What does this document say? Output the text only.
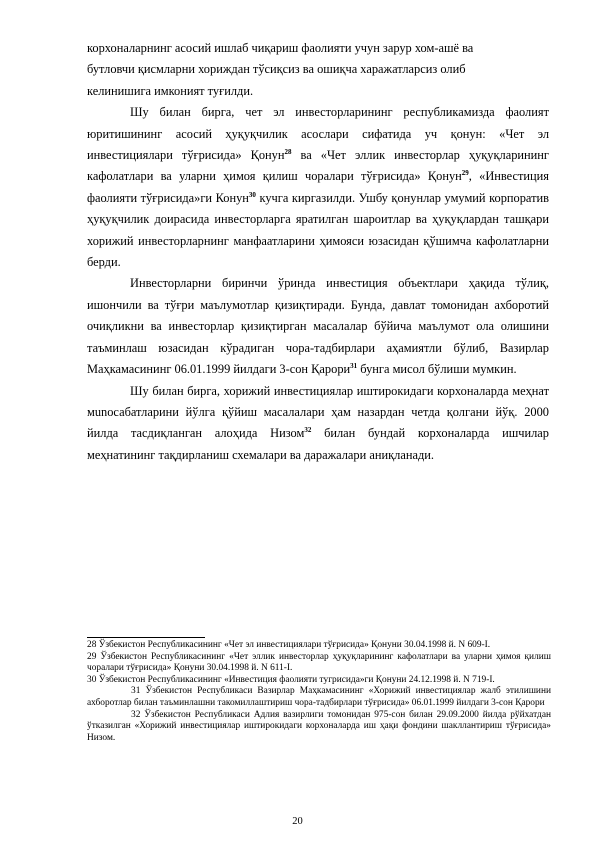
корхоналарнинг асосий ишлаб чиқариш фаолияти учун зарур хом-ашё ва
бутловчи қисмларни хориждан тўсиқсиз ва ошиқча харажатларсиз олиб
келинишига имконият туғилди.

Шу билан бирга, чет эл инвесторларининг республикамизда фаолият юритишининг асосий ҳуқуқчилик асослари сифатида уч қонун: «Чет эл инвестициялари тўғрисида» Қонун$^{28}$ ва «Чет эллик инвесторлар ҳуқуқларининг кафолатлари ва уларни ҳимоя қилиш чоралари тўғрисида» Қонун$^{29}$, «Инвестиция фаолияти тўғрисида»ги Конун$^{30}$ кучга киргазилди. Ушбу қонунлар умумий корпоратив ҳуқуқчилик доирасида инвесторларга яратилган шароитлар ва ҳуқуқлардан ташқари хорижий инвесторларнинг манфаатларини ҳимояси юзасидан қўшимча кафолатларни берди.

Инвесторларни биринчи ўринда инвестиция объектлари ҳақида тўлиқ, ишончили ва тўғри маълумотлар қизиқтиради. Бунда, давлат томонидан ахборотий очиқликни ва инвесторлар қизиқтирган масалалар бўйича маълумот ола олишини таъминлаш юзасидан кўрадиган чора-тадбирлари аҳамиятли бўлиб, Вазирлар Маҳкамасининг 06.01.1999 йилдаги 3-сон Қарори$^{31}$ бунга мисол бўлиши мумкин.

Шу билан бирга, хорижий инвестициялар иштирокидаги корхоналарда меҳнат мunoсабатларини йўлга қўйиш масалалари ҳам назардан четда қолгани йўқ. 2000 йилда тасдиқланган алоҳида Низом$^{32}$ билан бундай корхоналарда ишчилар меҳнатининг тақдирланиш схемалари ва даражалари аниқланади.

28 Ўзбекистон Республикасининг «Чет эл инвестициялари тўғрисида» Қонуни 30.04.1998 й. N 609-I.

29 Ўзбекистон Республикасининг «Чет эллик инвесторлар ҳуқуқларининг кафолатлари ва уларни ҳимоя қилиш чоралари тўғрисида» Қонуни 30.04.1998 й. N 611-I.

30 Ўзбекистон Республикасининг «Инвестиция фаолияти тугрисида»ги Қонуни 24.12.1998 й. N 719-I.

31 Ўзбекистон Республикаси Вазирлар Маҳкамасининг «Хорижий инвестициялар жалб этилишини ахборотлар билан таъминлашни такомиллаштириш чора-тадбирлари тўғрисида» 06.01.1999 йилдаги 3-сон Қарори

32 Ўзбекистон Республикаси Адлия вазирлиги томонидан 975-сон билан 29.09.2000 йилда рўйхатдан ўтказилган «Хорижий инвестициялар иштирокидаги корхоналарда иш ҳақи фондини шакллантириш тўғрисида» Низом.

20
